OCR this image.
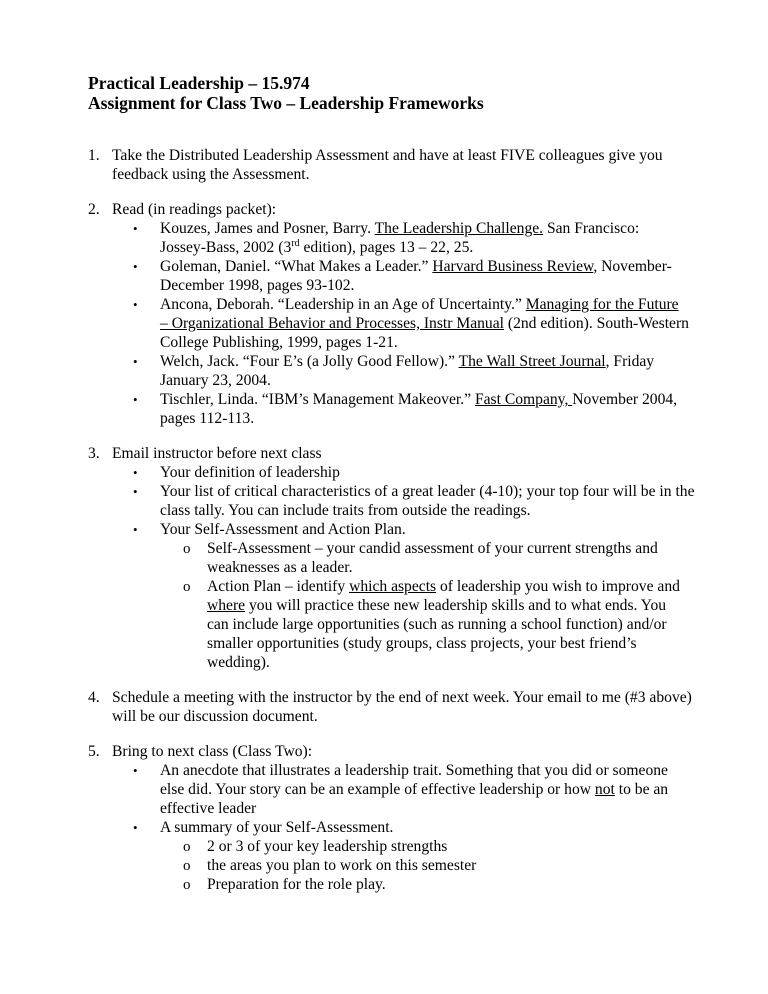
Practical Leadership – 15.974
Assignment for Class Two – Leadership Frameworks
1. Take the Distributed Leadership Assessment and have at least FIVE colleagues give you
feedback using the Assessment.
2. Read (in readings packet):
• Kouzes, James and Posner, Barry. The Leadership Challenge. San Francisco:
Jossey-Bass, 2002 (3rd edition), pages 13 – 22, 25.
• Goleman, Daniel. “What Makes a Leader.” Harvard Business Review, November-
December 1998, pages 93-102.
• Ancona, Deborah. “Leadership in an Age of Uncertainty.” Managing for the Future
– Organizational Behavior and Processes, Instr Manual (2nd edition). South-Western
College Publishing, 1999, pages 1-21.
• Welch, Jack. “Four E’s (a Jolly Good Fellow).” The Wall Street Journal, Friday
January 23, 2004.
• Tischler, Linda. “IBM’s Management Makeover.” Fast Company, November 2004,
pages 112-113.
3. Email instructor before next class
• Your definition of leadership
• Your list of critical characteristics of a great leader (4-10); your top four will be in the
class tally. You can include traits from outside the readings.
• Your Self-Assessment and Action Plan.
o Self-Assessment – your candid assessment of your current strengths and
weaknesses as a leader.
o Action Plan – identify which aspects of leadership you wish to improve and
where you will practice these new leadership skills and to what ends. You
can include large opportunities (such as running a school function) and/or
smaller opportunities (study groups, class projects, your best friend’s
wedding).
4. Schedule a meeting with the instructor by the end of next week. Your email to me (#3 above)
will be our discussion document.
5. Bring to next class (Class Two):
• An anecdote that illustrates a leadership trait. Something that you did or someone
else did. Your story can be an example of effective leadership or how not to be an
effective leader
• A summary of your Self-Assessment.
o 2 or 3 of your key leadership strengths
o the areas you plan to work on this semester
o Preparation for the role play.
